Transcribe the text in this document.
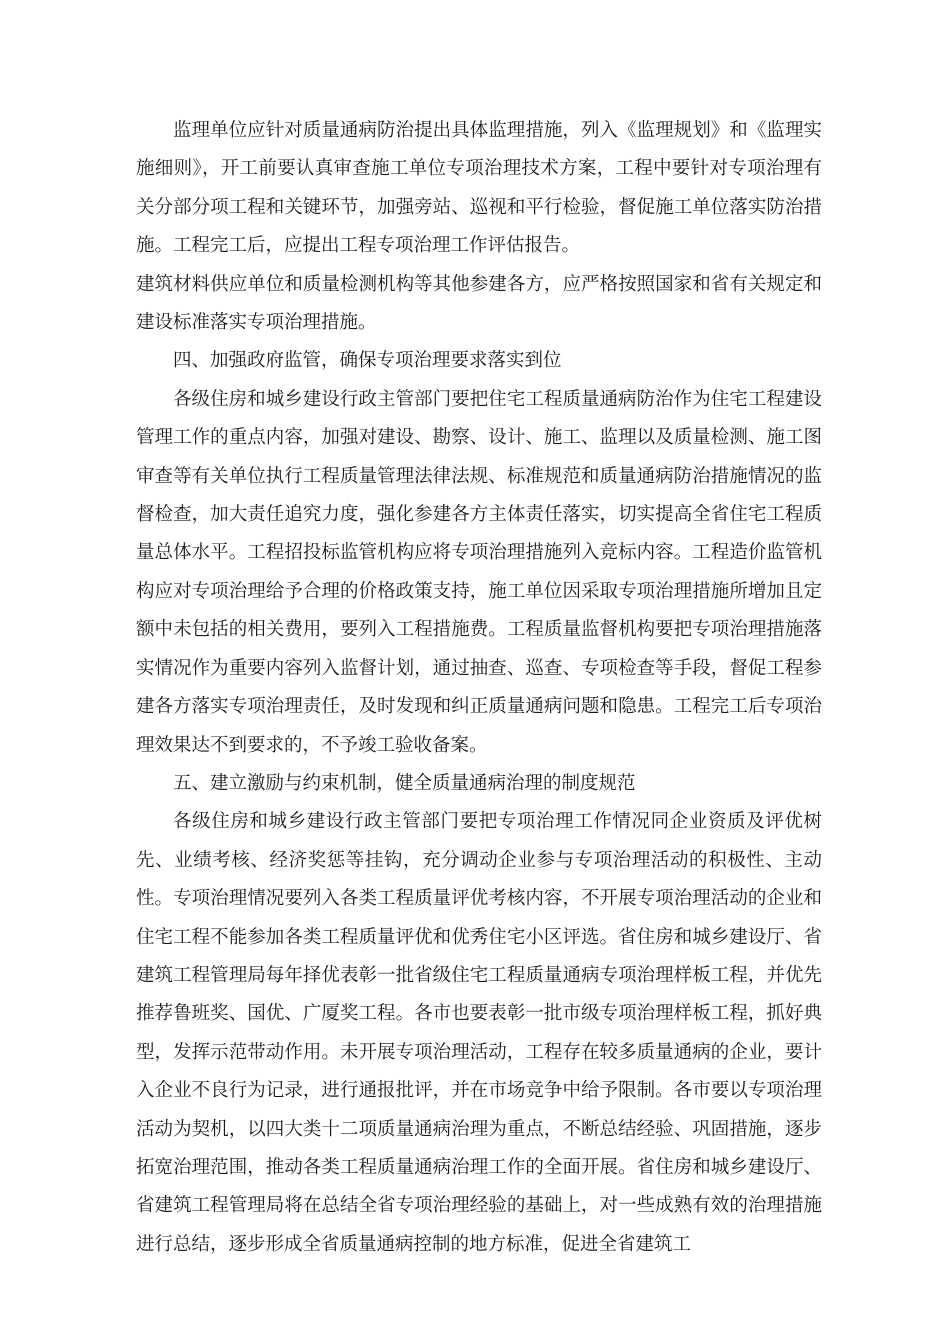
监理单位应针对质量通病防治提出具体监理措施，列入《监理规划》和《监理实施细则》，开工前要认真审查施工单位专项治理技术方案，工程中要针对专项治理有关分部分项工程和关键环节，加强旁站、巡视和平行检验，督促施工单位落实防治措施。工程完工后，应提出工程专项治理工作评估报告。

建筑材料供应单位和质量检测机构等其他参建各方，应严格按照国家和省有关规定和建设标准落实专项治理措施。

四、加强政府监管，确保专项治理要求落实到位

各级住房和城乡建设行政主管部门要把住宅工程质量通病防治作为住宅工程建设管理工作的重点内容，加强对建设、勘察、设计、施工、监理以及质量检测、施工图审查等有关单位执行工程质量管理法律法规、标准规范和质量通病防治措施情况的监督检查，加大责任追究力度，强化参建各方主体责任落实，切实提高全省住宅工程质量总体水平。工程招投标监管机构应将专项治理措施列入竞标内容。工程造价监管机构应对专项治理给予合理的价格政策支持，施工单位因采取专项治理措施所增加且定额中未包括的相关费用，要列入工程措施费。工程质量监督机构要把专项治理措施落实情况作为重要内容列入监督计划，通过抽查、巡查、专项检查等手段，督促工程参建各方落实专项治理责任，及时发现和纠正质量通病问题和隐患。工程完工后专项治理效果达不到要求的，不予竣工验收备案。

五、建立激励与约束机制，健全质量通病治理的制度规范

各级住房和城乡建设行政主管部门要把专项治理工作情况同企业资质及评优树先、业绩考核、经济奖惩等挂钩，充分调动企业参与专项治理活动的积极性、主动性。专项治理情况要列入各类工程质量评优考核内容，不开展专项治理活动的企业和住宅工程不能参加各类工程质量评优和优秀住宅小区评选。省住房和城乡建设厅、省建筑工程管理局每年择优表彰一批省级住宅工程质量通病专项治理样板工程，并优先推荐鲁班奖、国优、广厦奖工程。各市也要表彰一批市级专项治理样板工程，抓好典型，发挥示范带动作用。未开展专项治理活动，工程存在较多质量通病的企业，要计入企业不良行为记录，进行通报批评，并在市场竞争中给予限制。各市要以专项治理活动为契机，以四大类十二项质量通病治理为重点，不断总结经验、巩固措施，逐步拓宽治理范围，推动各类工程质量通病治理工作的全面开展。省住房和城乡建设厅、省建筑工程管理局将在总结全省专项治理经验的基础上，对一些成熟有效的治理措施进行总结，逐步形成全省质量通病控制的地方标准，促进全省建筑工
